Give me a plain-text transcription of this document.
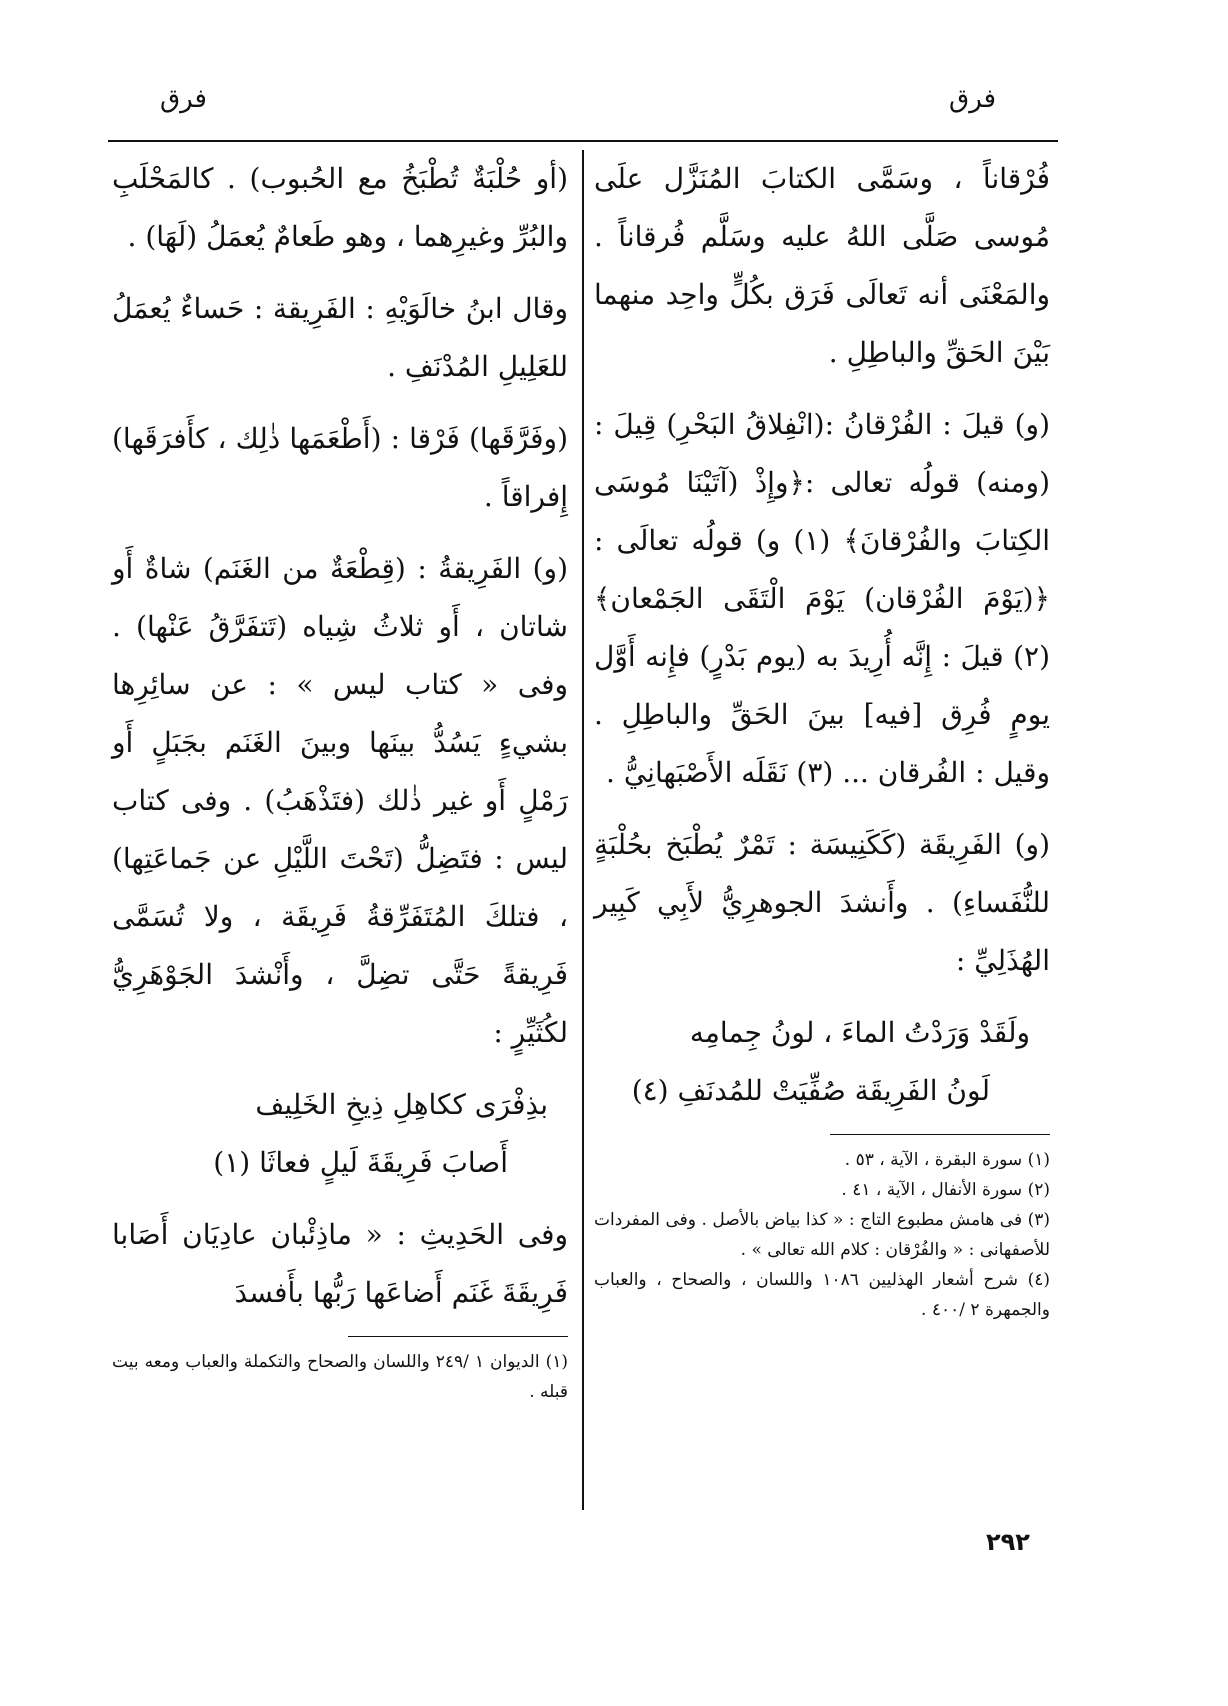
فرق
فرق

فُرْقاناً ، وسَمَّى الكتابَ المُنَزَّل علَى مُوسى صَلَّى اللهُ عليه وسَلَّم فُرقاناً . والمَعْنَى أنه تَعالَى فَرَق بكُلٍّ واحِد منهما بَيْنَ الحَقِّ والباطِلِ .

(و) قيلَ : الفُرْقانُ :(انْفِلاقُ البَحْرِ) قِيلَ : (ومنه) قولُه تعالى :﴿وإِذْ (آتَيْنَا مُوسَى الكِتابَ والفُرْقانَ﴾ (١) و) قولُه تعالَى :﴿(يَوْمَ الفُرْقان) يَوْمَ الْتَقَى الجَمْعان﴾ (٢) قيلَ : إِنَّه أُرِيدَ به (يوم بَدْرٍ) فإِنه أَوَّل يومٍ فُرِق [فيه] بينَ الحَقِّ والباطِلِ . وقيل : الفُرقان ... (٣) نَقَلَه الأَصْبَهانِيُّ .

(و) الفَرِيقَة (كَكَنِيسَة : تَمْرٌ يُطْبَخ بحُلْبَةٍ للنُّفَساءِ) . وأَنشدَ الجوهرِيُّ لأَبِي كَبِير الهُذَلِيِّ :

ولَقَدْ وَرَدْتُ الماءَ ، لونُ جِمامِه

لَونُ الفَرِيقَة صُفِّيَتْ للمُدنَفِ (٤)

(١) سورة البقرة ، الآية ، ٥٣ .

(٢) سورة الأنفال ، الآية ، ٤١ .

(٣) فى هامش مطبوع التاج : « كذا بياض بالأصل . وفى المفردات للأصفهانى : « والفُرْقان : كلام الله تعالى » .

(٤) شرح أشعار الهذليين ١٠٨٦ واللسان ، والصحاح ، والعباب والجمهرة ٢ /٤٠٠ .

(أو حُلْبَةٌ تُطْبَخُ مع الحُبوب) . كالمَحْلَبِ والبُرِّ وغيرِهما ، وهو طَعامٌ يُعمَلُ (لَهَا) .

وقال ابنُ خالَوَيْهِ : الفَرِيقة : حَساءٌ يُعمَلُ للعَلِيلِ المُدْنَفِ .

(وفَرَّقَها) فَرْقا : (أَطْعَمَها ذٰلِك ، كأَفرَقَها) إِفراقاً .

(و) الفَرِيقةُ : (قِطْعَةٌ من الغَنَم) شاةٌ أَو شاتان ، أَو ثلاثُ شِياه (تَتفَرَّقُ عَنْها) . وفى « كتاب ليس » : عن سائِرِها بشيءٍ يَسُدُّ بينَها وبينَ الغَنَم بجَبَلٍ أَو رَمْلٍ أَو غير ذٰلك (فتَذْهَبُ) . وفى كتاب ليس : فتَضِلُّ (تَحْتَ اللَّيْلِ عن جَماعَتِها) ، فتلكَ المُتَفَرِّقةُ فَرِيقَة ، ولا تُسَمَّى فَرِيقةً حَتَّى تضِلَّ ، وأَنْشدَ الجَوْهَرِيُّ لكُثَيِّرٍ :

بذِفْرَى ككاهِلِ ذِيخِ الخَلِيف

أَصابَ فَرِيقَةَ لَيلٍ فعاثَا (١)

وفى الحَدِيثِ : « ماذِئْبان عادِيَان أَصَابا فَرِيقَةَ غَنَم أَضاعَها رَبُّها بأَفسدَ

(١) الديوان ١ /٢٤٩ واللسان والصحاح والتكملة والعباب ومعه بيت قبله .

٢٩٢
